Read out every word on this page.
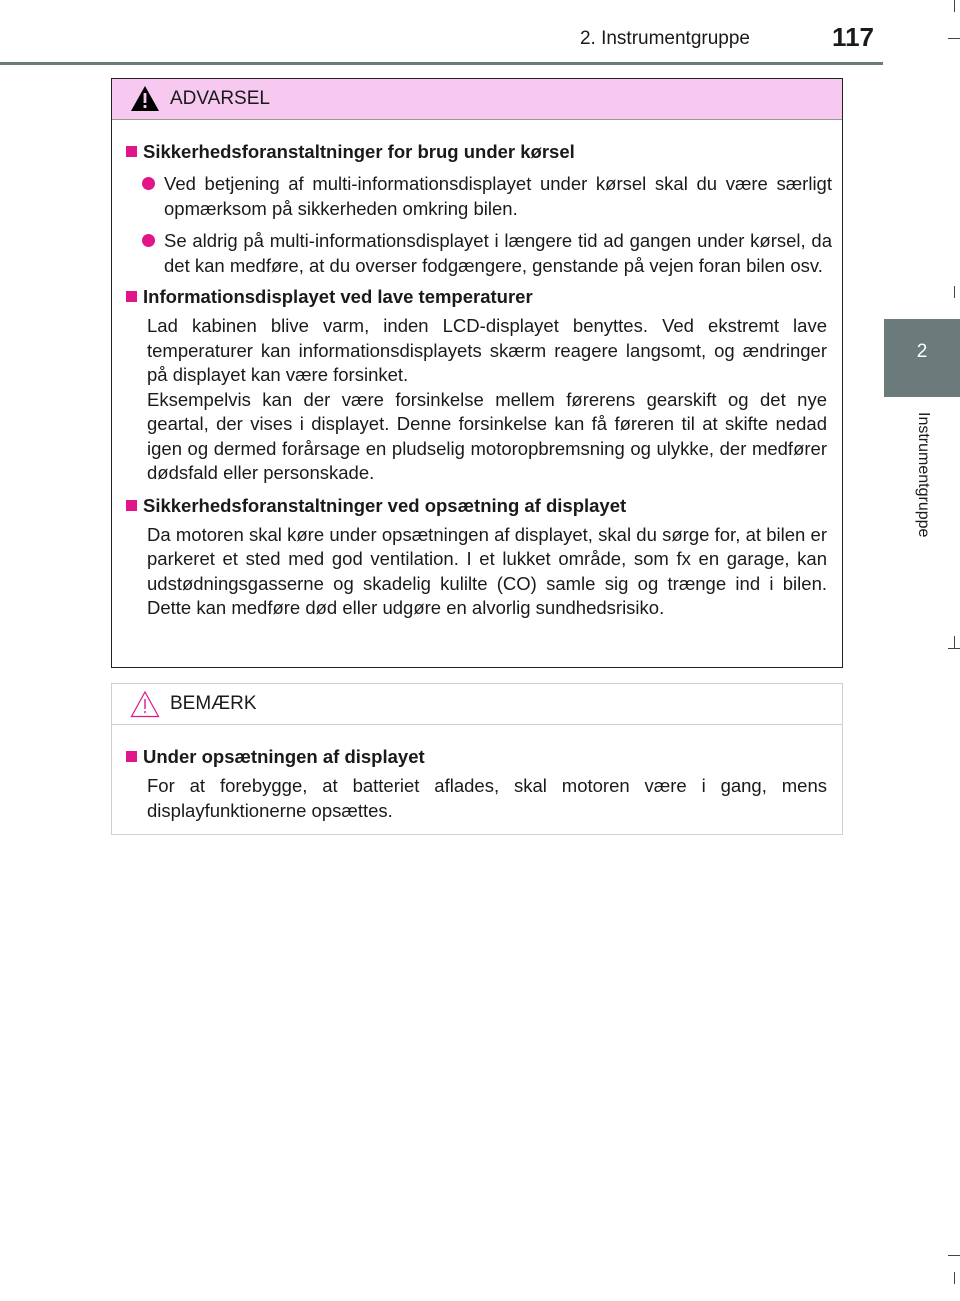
2. Instrumentgruppe	117
2
Instrumentgruppe
ADVARSEL
Sikkerhedsforanstaltninger for brug under kørsel
Ved betjening af multi-informationsdisplayet under kørsel skal du være særligt opmærksom på sikkerheden omkring bilen.
Se aldrig på multi-informationsdisplayet i længere tid ad gangen under kørsel, da det kan medføre, at du overser fodgængere, genstande på vejen foran bilen osv.
Informationsdisplayet ved lave temperaturer
Lad kabinen blive varm, inden LCD-displayet benyttes. Ved ekstremt lave temperaturer kan informationsdisplayets skærm reagere langsomt, og ændringer på displayet kan være forsinket.
Eksempelvis kan der være forsinkelse mellem førerens gearskift og det nye geartal, der vises i displayet. Denne forsinkelse kan få føreren til at skifte nedad igen og dermed forårsage en pludselig motoropbremsning og ulykke, der medfører dødsfald eller personskade.
Sikkerhedsforanstaltninger ved opsætning af displayet
Da motoren skal køre under opsætningen af displayet, skal du sørge for, at bilen er parkeret et sted med god ventilation. I et lukket område, som fx en garage, kan udstødningsgasserne og skadelig kulilte (CO) samle sig og trænge ind i bilen. Dette kan medføre død eller udgøre en alvorlig sundhedsrisiko.
BEMÆRK
Under opsætningen af displayet
For at forebygge, at batteriet aflades, skal motoren være i gang, mens displayfunktionerne opsættes.
